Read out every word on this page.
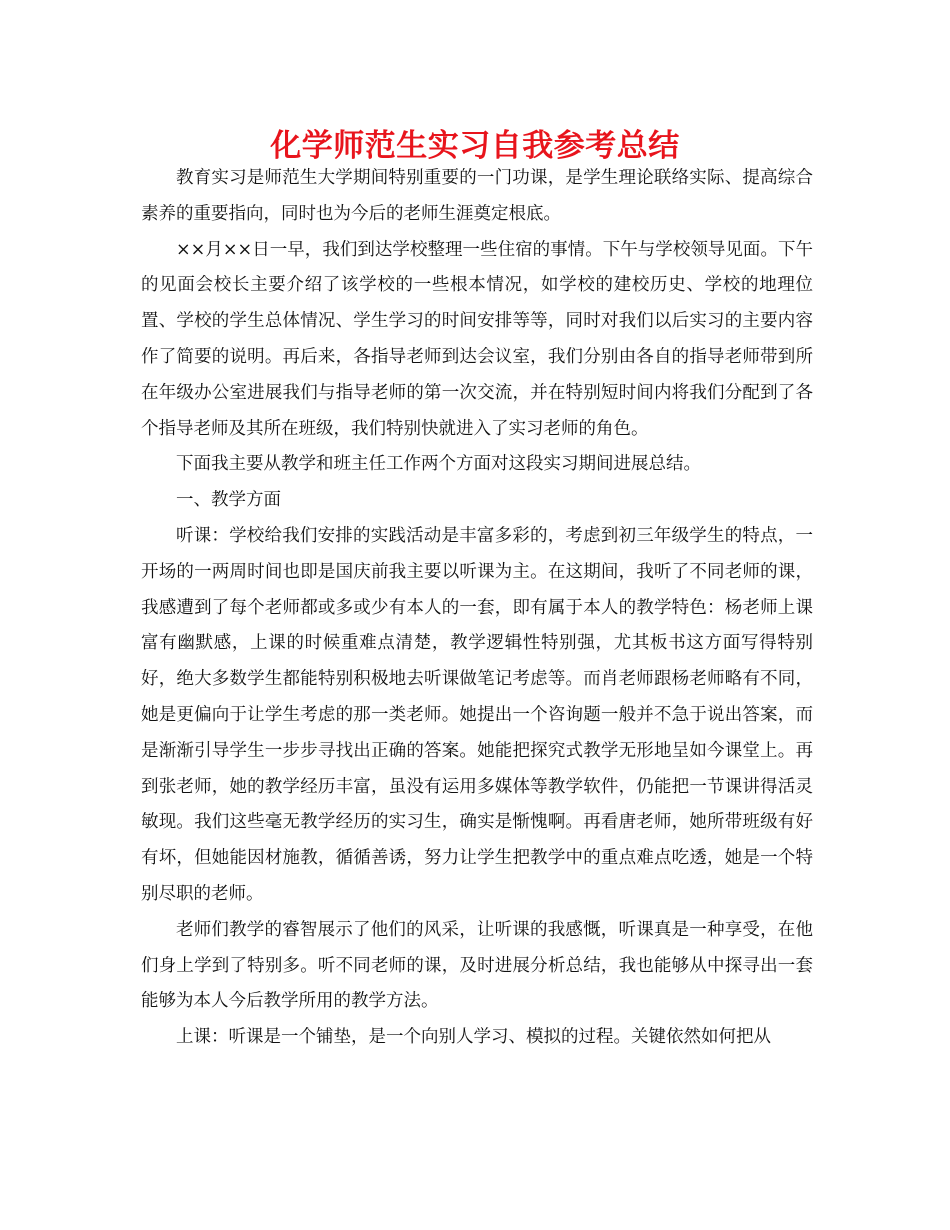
化学师范生实习自我参考总结

教育实习是师范生大学期间特别重要的一门功课，是学生理论联络实际、提高综合素养的重要指向，同时也为今后的老师生涯奠定根底。

××月××日一早，我们到达学校整理一些住宿的事情。下午与学校领导见面。下午的见面会校长主要介绍了该学校的一些根本情况，如学校的建校历史、学校的地理位置、学校的学生总体情况、学生学习的时间安排等等，同时对我们以后实习的主要内容作了简要的说明。再后来，各指导老师到达会议室，我们分别由各自的指导老师带到所在年级办公室进展我们与指导老师的第一次交流，并在特别短时间内将我们分配到了各个指导老师及其所在班级，我们特别快就进入了实习老师的角色。

下面我主要从教学和班主任工作两个方面对这段实习期间进展总结。

一、教学方面

听课：学校给我们安排的实践活动是丰富多彩的，考虑到初三年级学生的特点，一开场的一两周时间也即是国庆前我主要以听课为主。在这期间，我听了不同老师的课，我感遭到了每个老师都或多或少有本人的一套，即有属于本人的教学特色：杨老师上课富有幽默感，上课的时候重难点清楚，教学逻辑性特别强，尤其板书这方面写得特别好，绝大多数学生都能特别积极地去听课做笔记考虑等。而肖老师跟杨老师略有不同，她是更偏向于让学生考虑的那一类老师。她提出一个咨询题一般并不急于说出答案，而是渐渐引导学生一步步寻找出正确的答案。她能把探究式教学无形地呈如今课堂上。再到张老师，她的教学经历丰富，虽没有运用多媒体等教学软件，仍能把一节课讲得活灵敏现。我们这些毫无教学经历的实习生，确实是惭愧啊。再看唐老师，她所带班级有好有坏，但她能因材施教，循循善诱，努力让学生把教学中的重点难点吃透，她是一个特别尽职的老师。

老师们教学的睿智展示了他们的风采，让听课的我感慨，听课真是一种享受，在他们身上学到了特别多。听不同老师的课，及时进展分析总结，我也能够从中探寻出一套能够为本人今后教学所用的教学方法。

上课：听课是一个铺垫，是一个向别人学习、模拟的过程。关键依然如何把从
